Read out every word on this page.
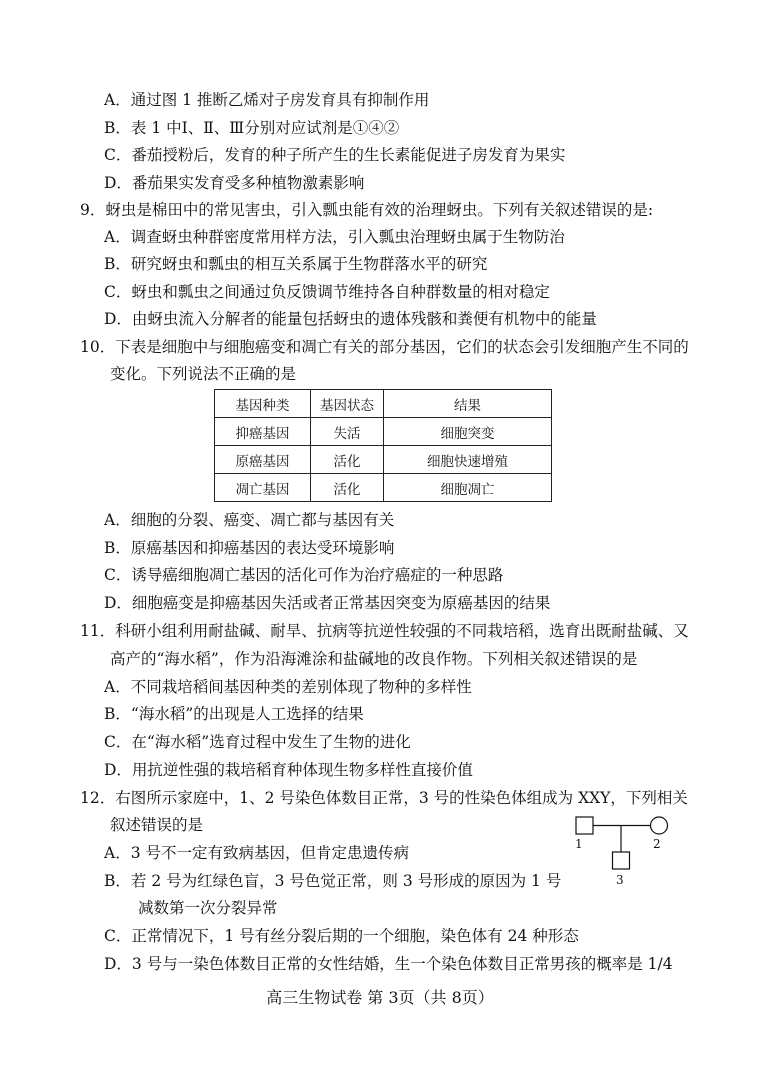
A．通过图 1 推断乙烯对子房发育具有抑制作用
B．表 1 中Ⅰ、Ⅱ、Ⅲ分别对应试剂是①④②
C．番茄授粉后，发育的种子所产生的生长素能促进子房发育为果实
D．番茄果实发育受多种植物激素影响
9．蚜虫是棉田中的常见害虫，引入瓢虫能有效的治理蚜虫。下列有关叙述错误的是:
A．调查蚜虫种群密度常用样方法，引入瓢虫治理蚜虫属于生物防治
B．研究蚜虫和瓢虫的相互关系属于生物群落水平的研究
C．蚜虫和瓢虫之间通过负反馈调节维持各自种群数量的相对稳定
D．由蚜虫流入分解者的能量包括蚜虫的遗体残骸和粪便有机物中的能量
10．下表是细胞中与细胞癌变和凋亡有关的部分基因，它们的状态会引发细胞产生不同的
变化。下列说法不正确的是
基因种类	基因状态	结果
抑癌基因	失活	细胞突变
原癌基因	活化	细胞快速增殖
凋亡基因	活化	细胞凋亡
A．细胞的分裂、癌变、凋亡都与基因有关
B．原癌基因和抑癌基因的表达受环境影响
C．诱导癌细胞凋亡基因的活化可作为治疗癌症的一种思路
D．细胞癌变是抑癌基因失活或者正常基因突变为原癌基因的结果
11．科研小组利用耐盐碱、耐旱、抗病等抗逆性较强的不同栽培稻，选育出既耐盐碱、又
高产的“海水稻”，作为沿海滩涂和盐碱地的改良作物。下列相关叙述错误的是
A．不同栽培稻间基因种类的差别体现了物种的多样性
B．“海水稻”的出现是人工选择的结果
C．在“海水稻”选育过程中发生了生物的进化
D．用抗逆性强的栽培稻育种体现生物多样性直接价值
12．右图所示家庭中，1、2 号染色体数目正常，3 号的性染色体组成为 XXY，下列相关
叙述错误的是
A．3 号不一定有致病基因，但肯定患遗传病
B．若 2 号为红绿色盲，3 号色觉正常，则 3 号形成的原因为 1 号
减数第一次分裂异常
C．正常情况下，1 号有丝分裂后期的一个细胞，染色体有 24 种形态
D．3 号与一染色体数目正常的女性结婚，生一个染色体数目正常男孩的概率是 1/4
1	2
3
高三生物试卷 第 3页（共 8页）
